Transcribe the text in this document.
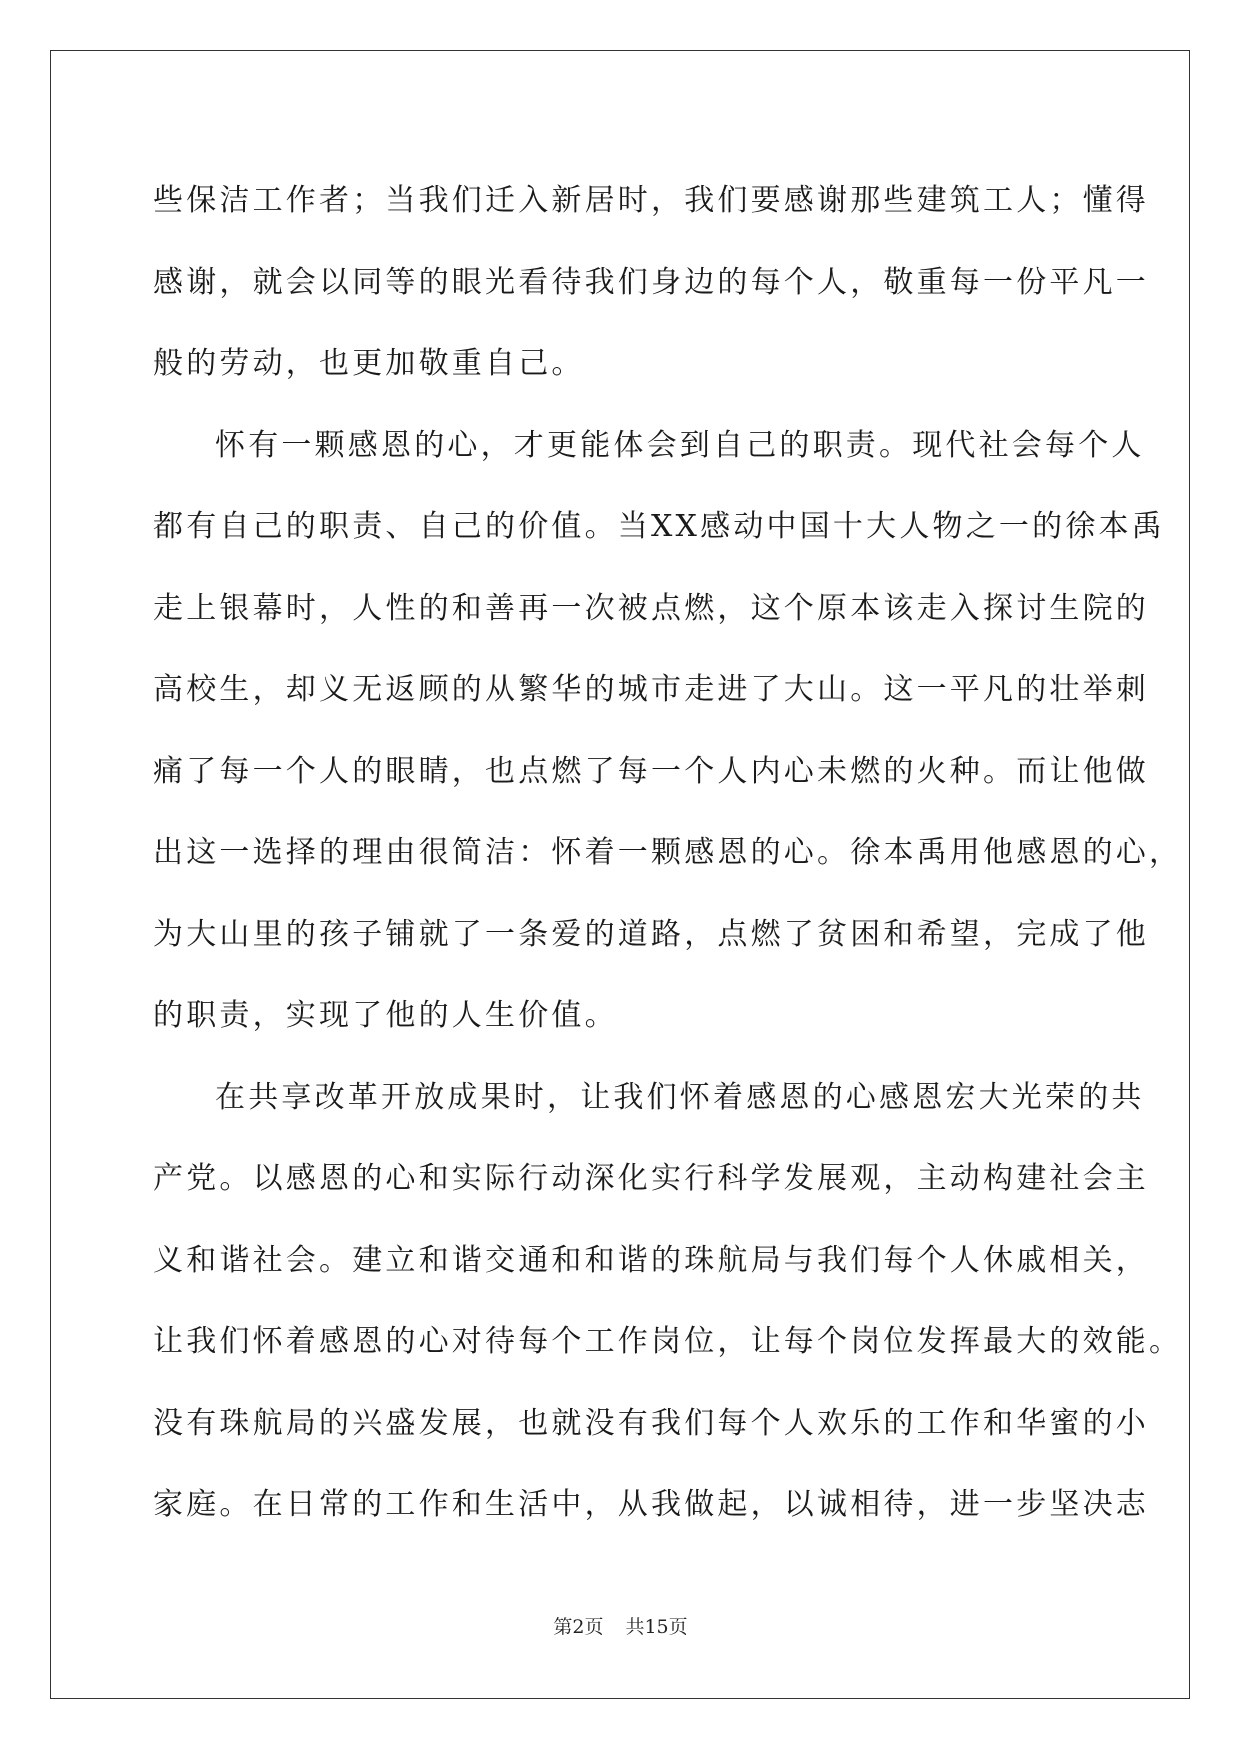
些保洁工作者；当我们迁入新居时，我们要感谢那些建筑工人；懂得
感谢，就会以同等的眼光看待我们身边的每个人，敬重每一份平凡一
般的劳动，也更加敬重自己。

怀有一颗感恩的心，才更能体会到自己的职责。现代社会每个人
都有自己的职责、自己的价值。当XX感动中国十大人物之一的徐本禹
走上银幕时，人性的和善再一次被点燃，这个原本该走入探讨生院的
高校生，却义无返顾的从繁华的城市走进了大山。这一平凡的壮举刺
痛了每一个人的眼睛，也点燃了每一个人内心未燃的火种。而让他做
出这一选择的理由很简洁：怀着一颗感恩的心。徐本禹用他感恩的心，
为大山里的孩子铺就了一条爱的道路，点燃了贫困和希望，完成了他
的职责，实现了他的人生价值。

在共享改革开放成果时，让我们怀着感恩的心感恩宏大光荣的共
产党。以感恩的心和实际行动深化实行科学发展观，主动构建社会主
义和谐社会。建立和谐交通和和谐的珠航局与我们每个人休戚相关，
让我们怀着感恩的心对待每个工作岗位，让每个岗位发挥最大的效能。
没有珠航局的兴盛发展，也就没有我们每个人欢乐的工作和华蜜的小
家庭。在日常的工作和生活中，从我做起，以诚相待，进一步坚决志

第2页 共15页
